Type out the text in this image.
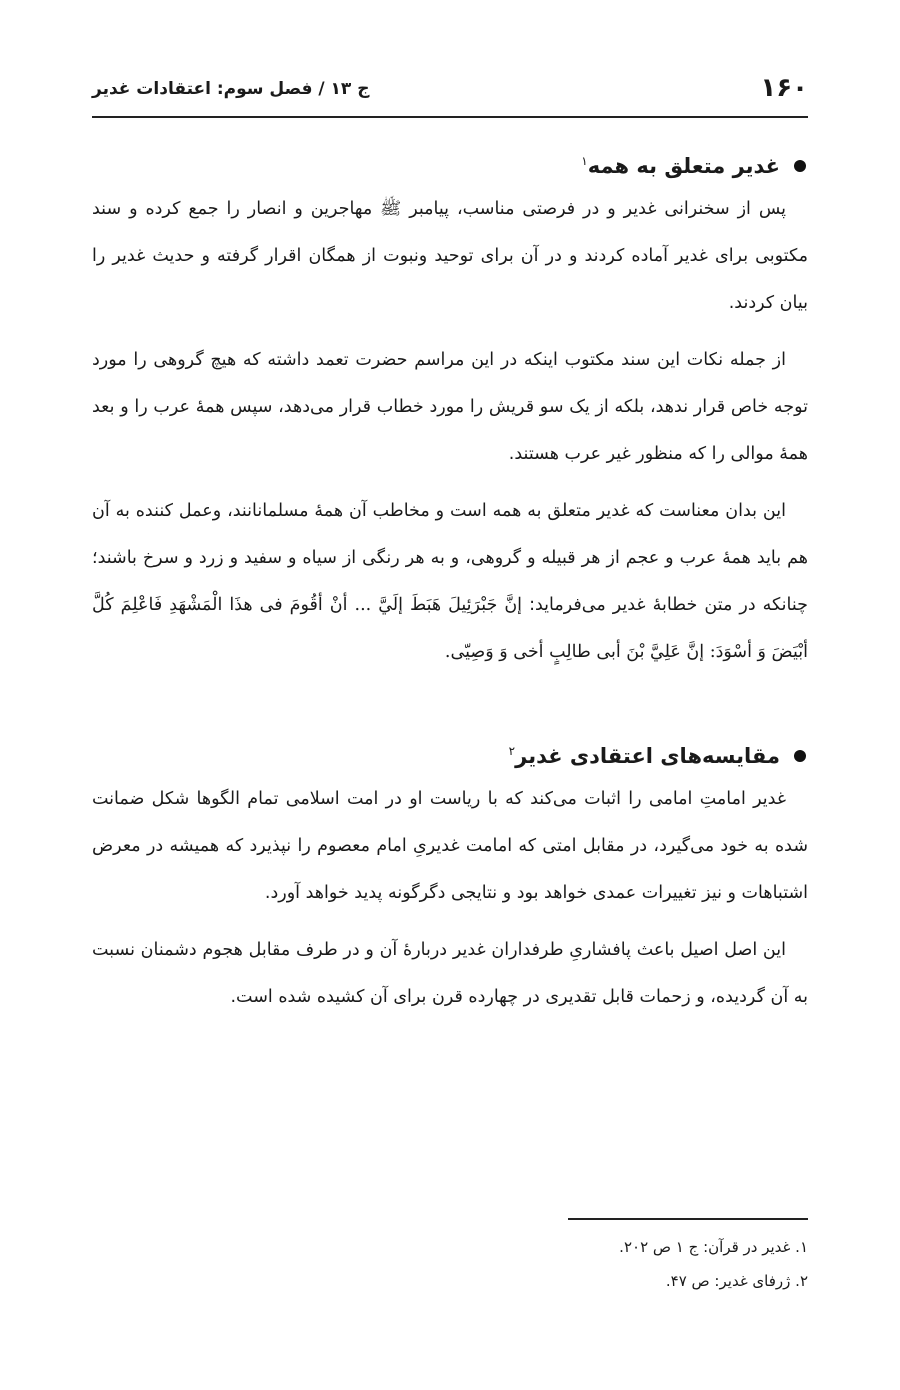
۱۶۰
ج ۱۳ / فصل سوم: اعتقادات غدیر
غدیر متعلق به همه$^۱$

پس از سخنرانی غدیر و در فرصتی مناسب، پیامبر ﷺ مهاجرین و انصار را جمع کرده و سند مکتوبی برای غدیر آماده کردند و در آن برای توحید ونبوت از همگان اقرار گرفته و حدیث غدیر را بیان کردند.

از جمله نکات این سند مکتوب اینکه در این مراسم حضرت تعمد داشته که هیچ گروهی را مورد توجه خاص قرار ندهد، بلکه از یک سو قریش را مورد خطاب قرار می‌دهد، سپس همهٔ عرب را و بعد همهٔ موالی را که منظور غیر عرب هستند.

این بدان معناست که غدیر متعلق به همه است و مخاطب آن همهٔ مسلمانانند، وعمل کننده به آن هم باید همهٔ عرب و عجم از هر قبیله و گروهی، و به هر رنگی از سیاه و سفید و زرد و سرخ باشند؛ چنانکه در متن خطابهٔ غدیر می‌فرماید: إنَّ جَبْرَئِيلَ هَبَطَ إلَيَّ ... أنْ أقُومَ فی هذَا الْمَشْهَدِ فَاعْلِمَ كُلَّ أبْيَضَ وَ أسْوَدَ: إنَّ عَلِيَّ بْنَ أبی طالِبٍ أخی وَ وَصِيّی.

مقایسه‌های اعتقادی غدیر$^۲$

غدیر امامتِ امامی را اثبات می‌کند که با ریاست او در امت اسلامی تمام الگوها شکل ضمانت شده به خود می‌گیرد، در مقابل امتی که امامت غدیریِ امام معصوم را نپذیرد که همیشه در معرض اشتباهات و نیز تغییرات عمدی خواهد بود و نتایجی دگرگونه پدید خواهد آورد.

این اصل اصیل باعث پافشاریِ طرفداران غدیر دربارهٔ آن و در طرف مقابل هجوم دشمنان نسبت به آن گردیده، و زحمات قابل تقدیری در چهارده قرن برای آن کشیده شده است.

۱. غدیر در قرآن: ج ۱ ص ۲۰۲.
۲. ژرفای غدیر: ص ۴۷.
